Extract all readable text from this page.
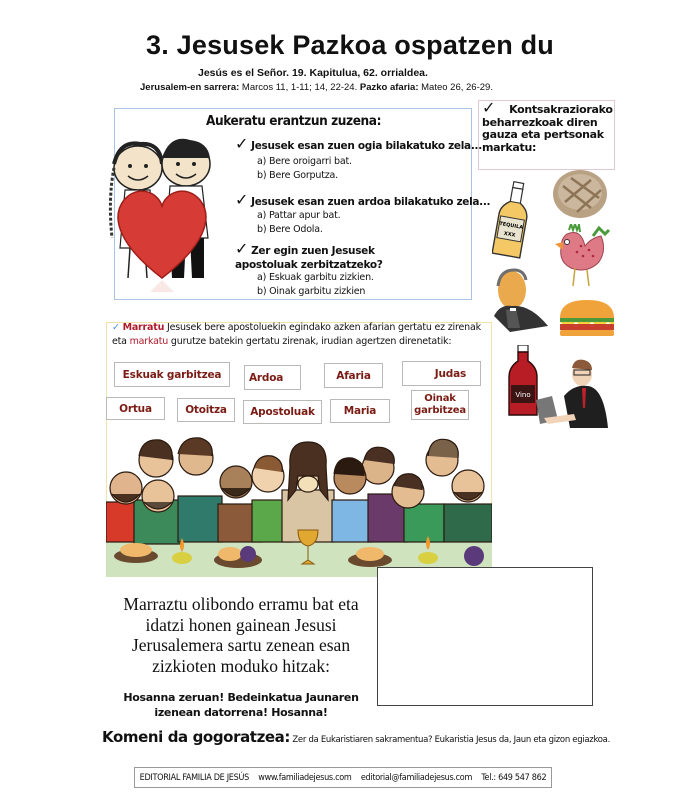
3. Jesusek Pazkoa ospatzen du
Jesús es el Señor. 19. Kapitulua, 62. orrialdea.
Jerusalem-en sarrera: Marcos 11, 1-11; 14, 22-24. Pazko afaria: Mateo 26, 26-29.
Aukeratu erantzun zuzena:
✓ Jesusek esan zuen ogia bilakatuko zela...
a) Bere oroigarri bat.
b) Bere Gorputza.
✓ Jesusek esan zuen ardoa bilakatuko zela...
a) Pattar apur bat.
b) Bere Odola.
✓ Zer egin zuen Jesusek apostoluak zerbitzatzeko?
a) Eskuak garbitu zizkien.
b) Oinak garbitu zizkien
✓ Kontsakraziorako beharrezkoak diren gauza eta pertsonak markatu:
TEQUILA
XXX
Vino
✓ Marratu Jesusek bere apostoluekin egindako azken afarian gertatu ez zirenak eta markatu gurutze batekin gertatu zirenak, irudian agertzen direnetatik:
Eskuak garbitzea	Ardoa	Afaria	Judas
Ortua	Otoitza	Apostoluak	Maria
Oinak garbitzea
Marraztu olibondo erramu bat eta idatzi honen gainean Jesusi Jerusalemera sartu zenean esan zizkioten moduko hitzak:
Hosanna zeruan! Bedeinkatua Jaunaren izenean datorrena! Hosanna!
Komeni da gogoratzea: Zer da Eukaristiaren sakramentua? Eukaristia Jesus da, Jaun eta gizon egiazkoa.
EDITORIAL FAMILIA DE JESÚS www.familiadejesus.com editorial@familiadejesus.com Tel.: 649 547 862
